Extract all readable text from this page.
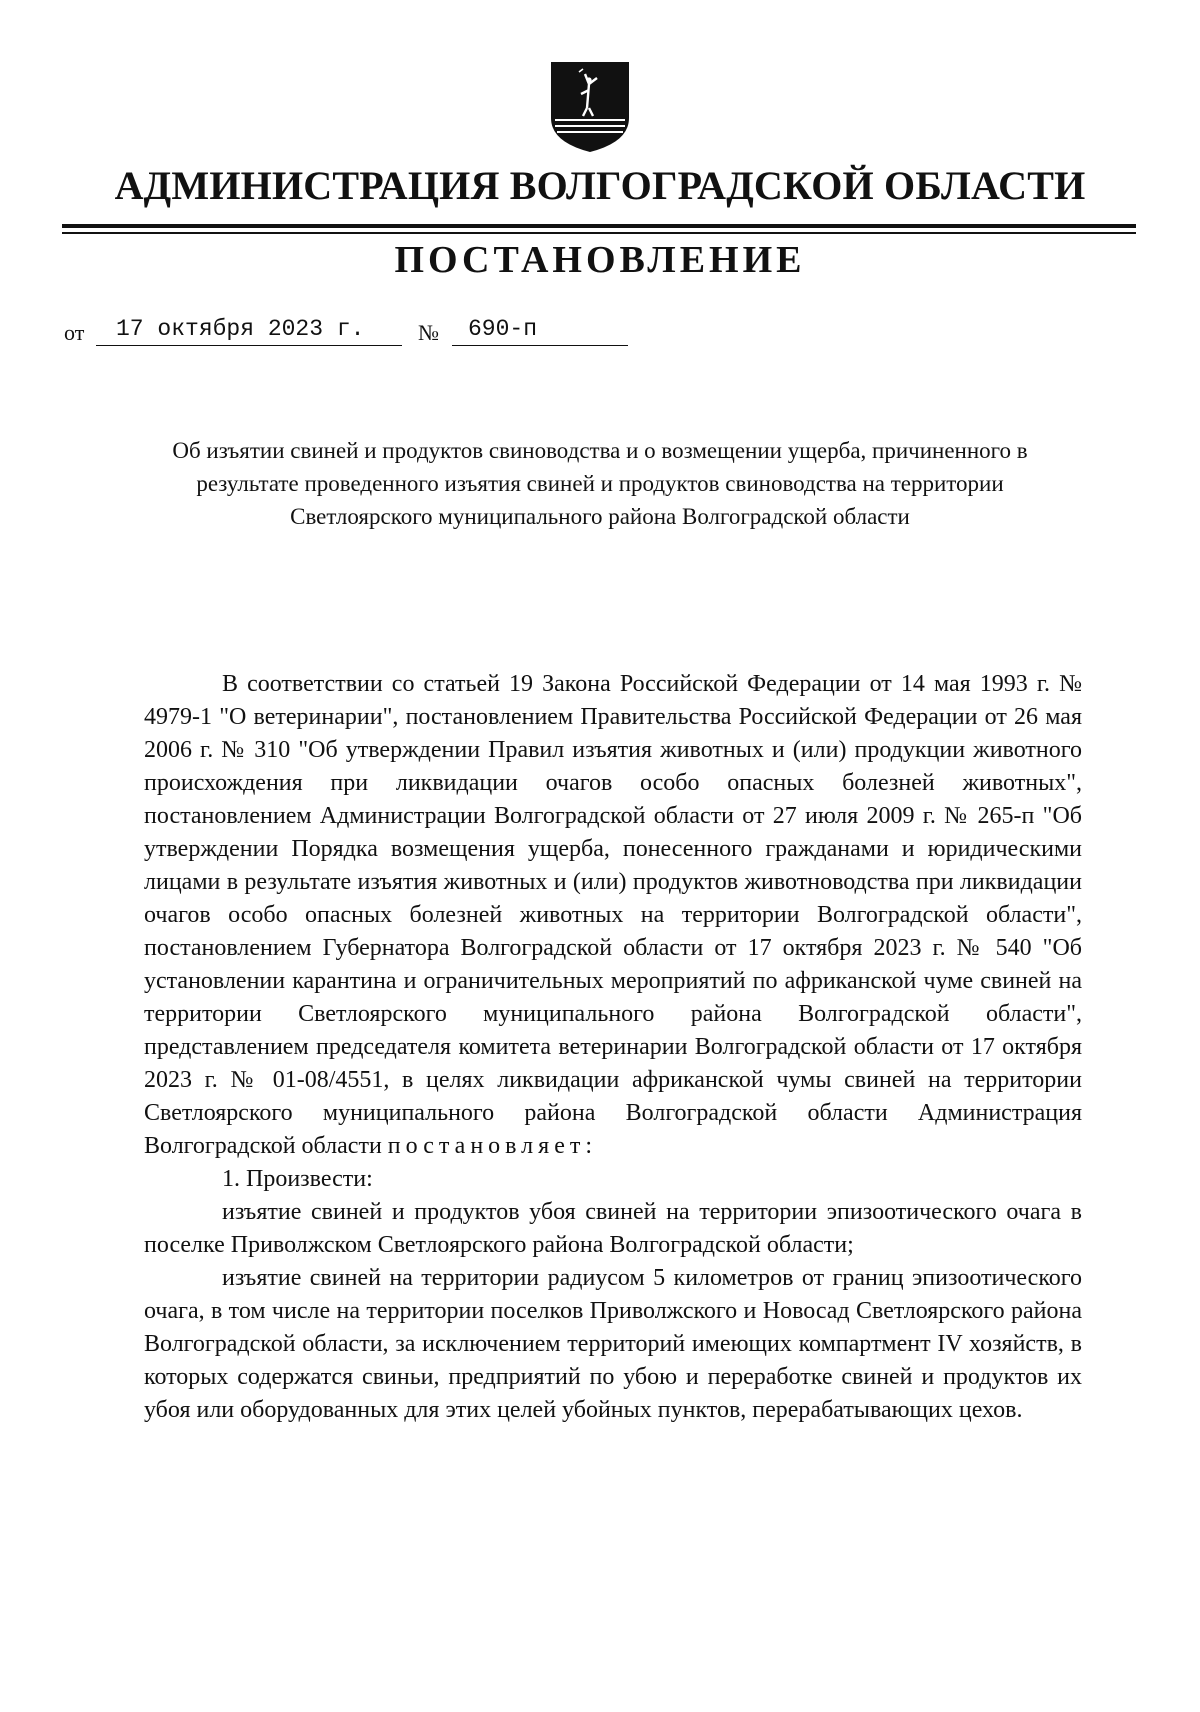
АДМИНИСТРАЦИЯ ВОЛГОГРАДСКОЙ ОБЛАСТИ
ПОСТАНОВЛЕНИЕ
от 17 октября 2023 г. № 690-п
Об изъятии свиней и продуктов свиноводства и о возмещении ущерба, причиненного в результате проведенного изъятия свиней и продуктов свиноводства на территории Светлоярского муниципального района Волгоградской области

В соответствии со статьей 19 Закона Российской Федерации от 14 мая 1993 г. № 4979-1 "О ветеринарии", постановлением Правительства Российской Федерации от 26 мая 2006 г. № 310 "Об утверждении Правил изъятия животных и (или) продукции животного происхождения при ликвидации очагов особо опасных болезней животных", постановлением Администрации Волгоградской области от 27 июля 2009 г. № 265-п "Об утверждении Порядка возмещения ущерба, понесенного гражданами и юридическими лицами в результате изъятия животных и (или) продуктов животноводства при ликвидации очагов особо опасных болезней животных на территории Волгоградской области", постановлением Губернатора Волгоградской области от 17 октября 2023 г. № 540 "Об установлении карантина и ограничительных мероприятий по африканской чуме свиней на территории Светлоярского муниципального района Волгоградской области", представлением председателя комитета ветеринарии Волгоградской области от 17 октября 2023 г. № 01-08/4551, в целях ликвидации африканской чумы свиней на территории Светлоярского муниципального района Волгоградской области Администрация Волгоградской области постановляет:

1. Произвести:

изъятие свиней и продуктов убоя свиней на территории эпизоотического очага в поселке Приволжском Светлоярского района Волгоградской области;

изъятие свиней на территории радиусом 5 километров от границ эпизоотического очага, в том числе на территории поселков Приволжского и Новосад Светлоярского района Волгоградской области, за исключением территорий имеющих компартмент IV хозяйств, в которых содержатся свиньи, предприятий по убою и переработке свиней и продуктов их убоя или оборудованных для этих целей убойных пунктов, перерабатывающих цехов.
